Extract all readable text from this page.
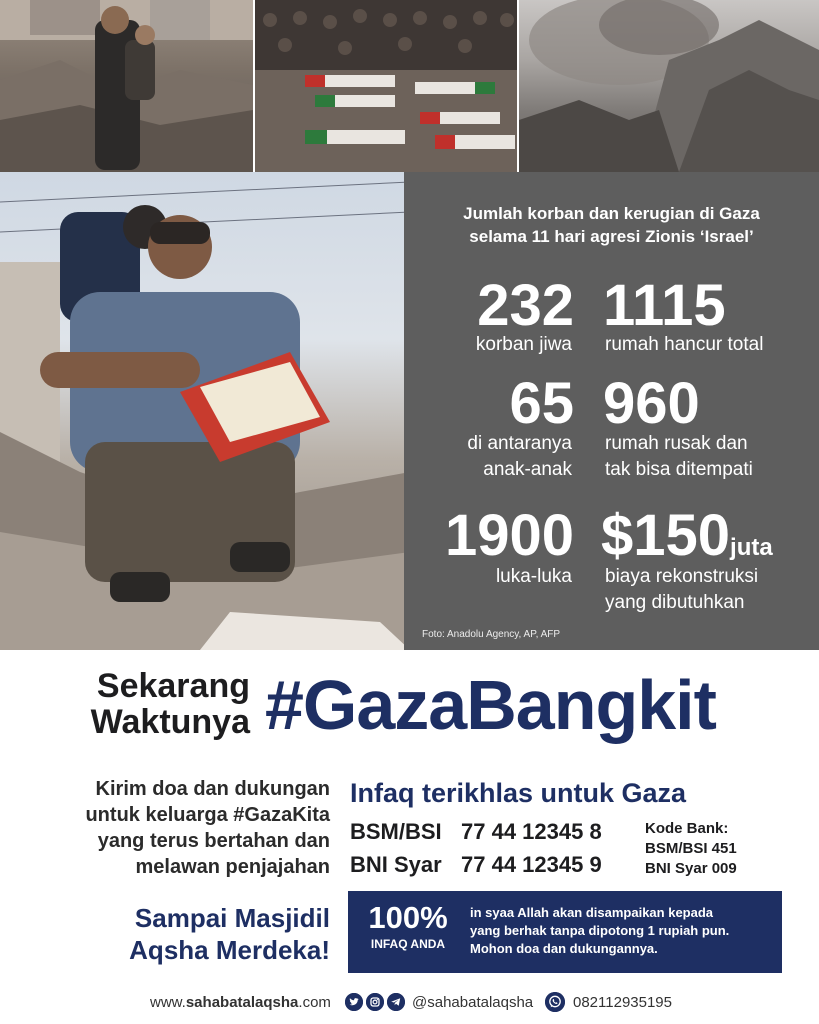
Jumlah korban dan kerugian di Gaza
selama 11 hari agresi Zionis ‘Israel’
232
korban jiwa
1115
rumah hancur total
65
di antaranya
anak-anak
960
rumah rusak dan
tak bisa ditempati
1900
luka-luka
$150juta
biaya rekonstruksi
yang dibutuhkan
Foto: Anadolu Agency, AP, AFP
Sekarang
Waktunya #GazaBangkit
Kirim doa dan dukungan
untuk keluarga #GazaKita
yang terus bertahan dan
melawan penjajahan
Sampai Masjidil
Aqsha Merdeka!
Infaq terikhlas untuk Gaza
BSM/BSI 77 44 12345 8
BNI Syar 77 44 12345 9
Kode Bank:
BSM/BSI 451
BNI Syar 009
100%
INFAQ ANDA
in syaa Allah akan disampaikan kepada
yang berhak tanpa dipotong 1 rupiah pun.
Mohon doa dan dukungannya.
www.sahabatalaqsha.com	@sahabatalaqsha	082112935195
